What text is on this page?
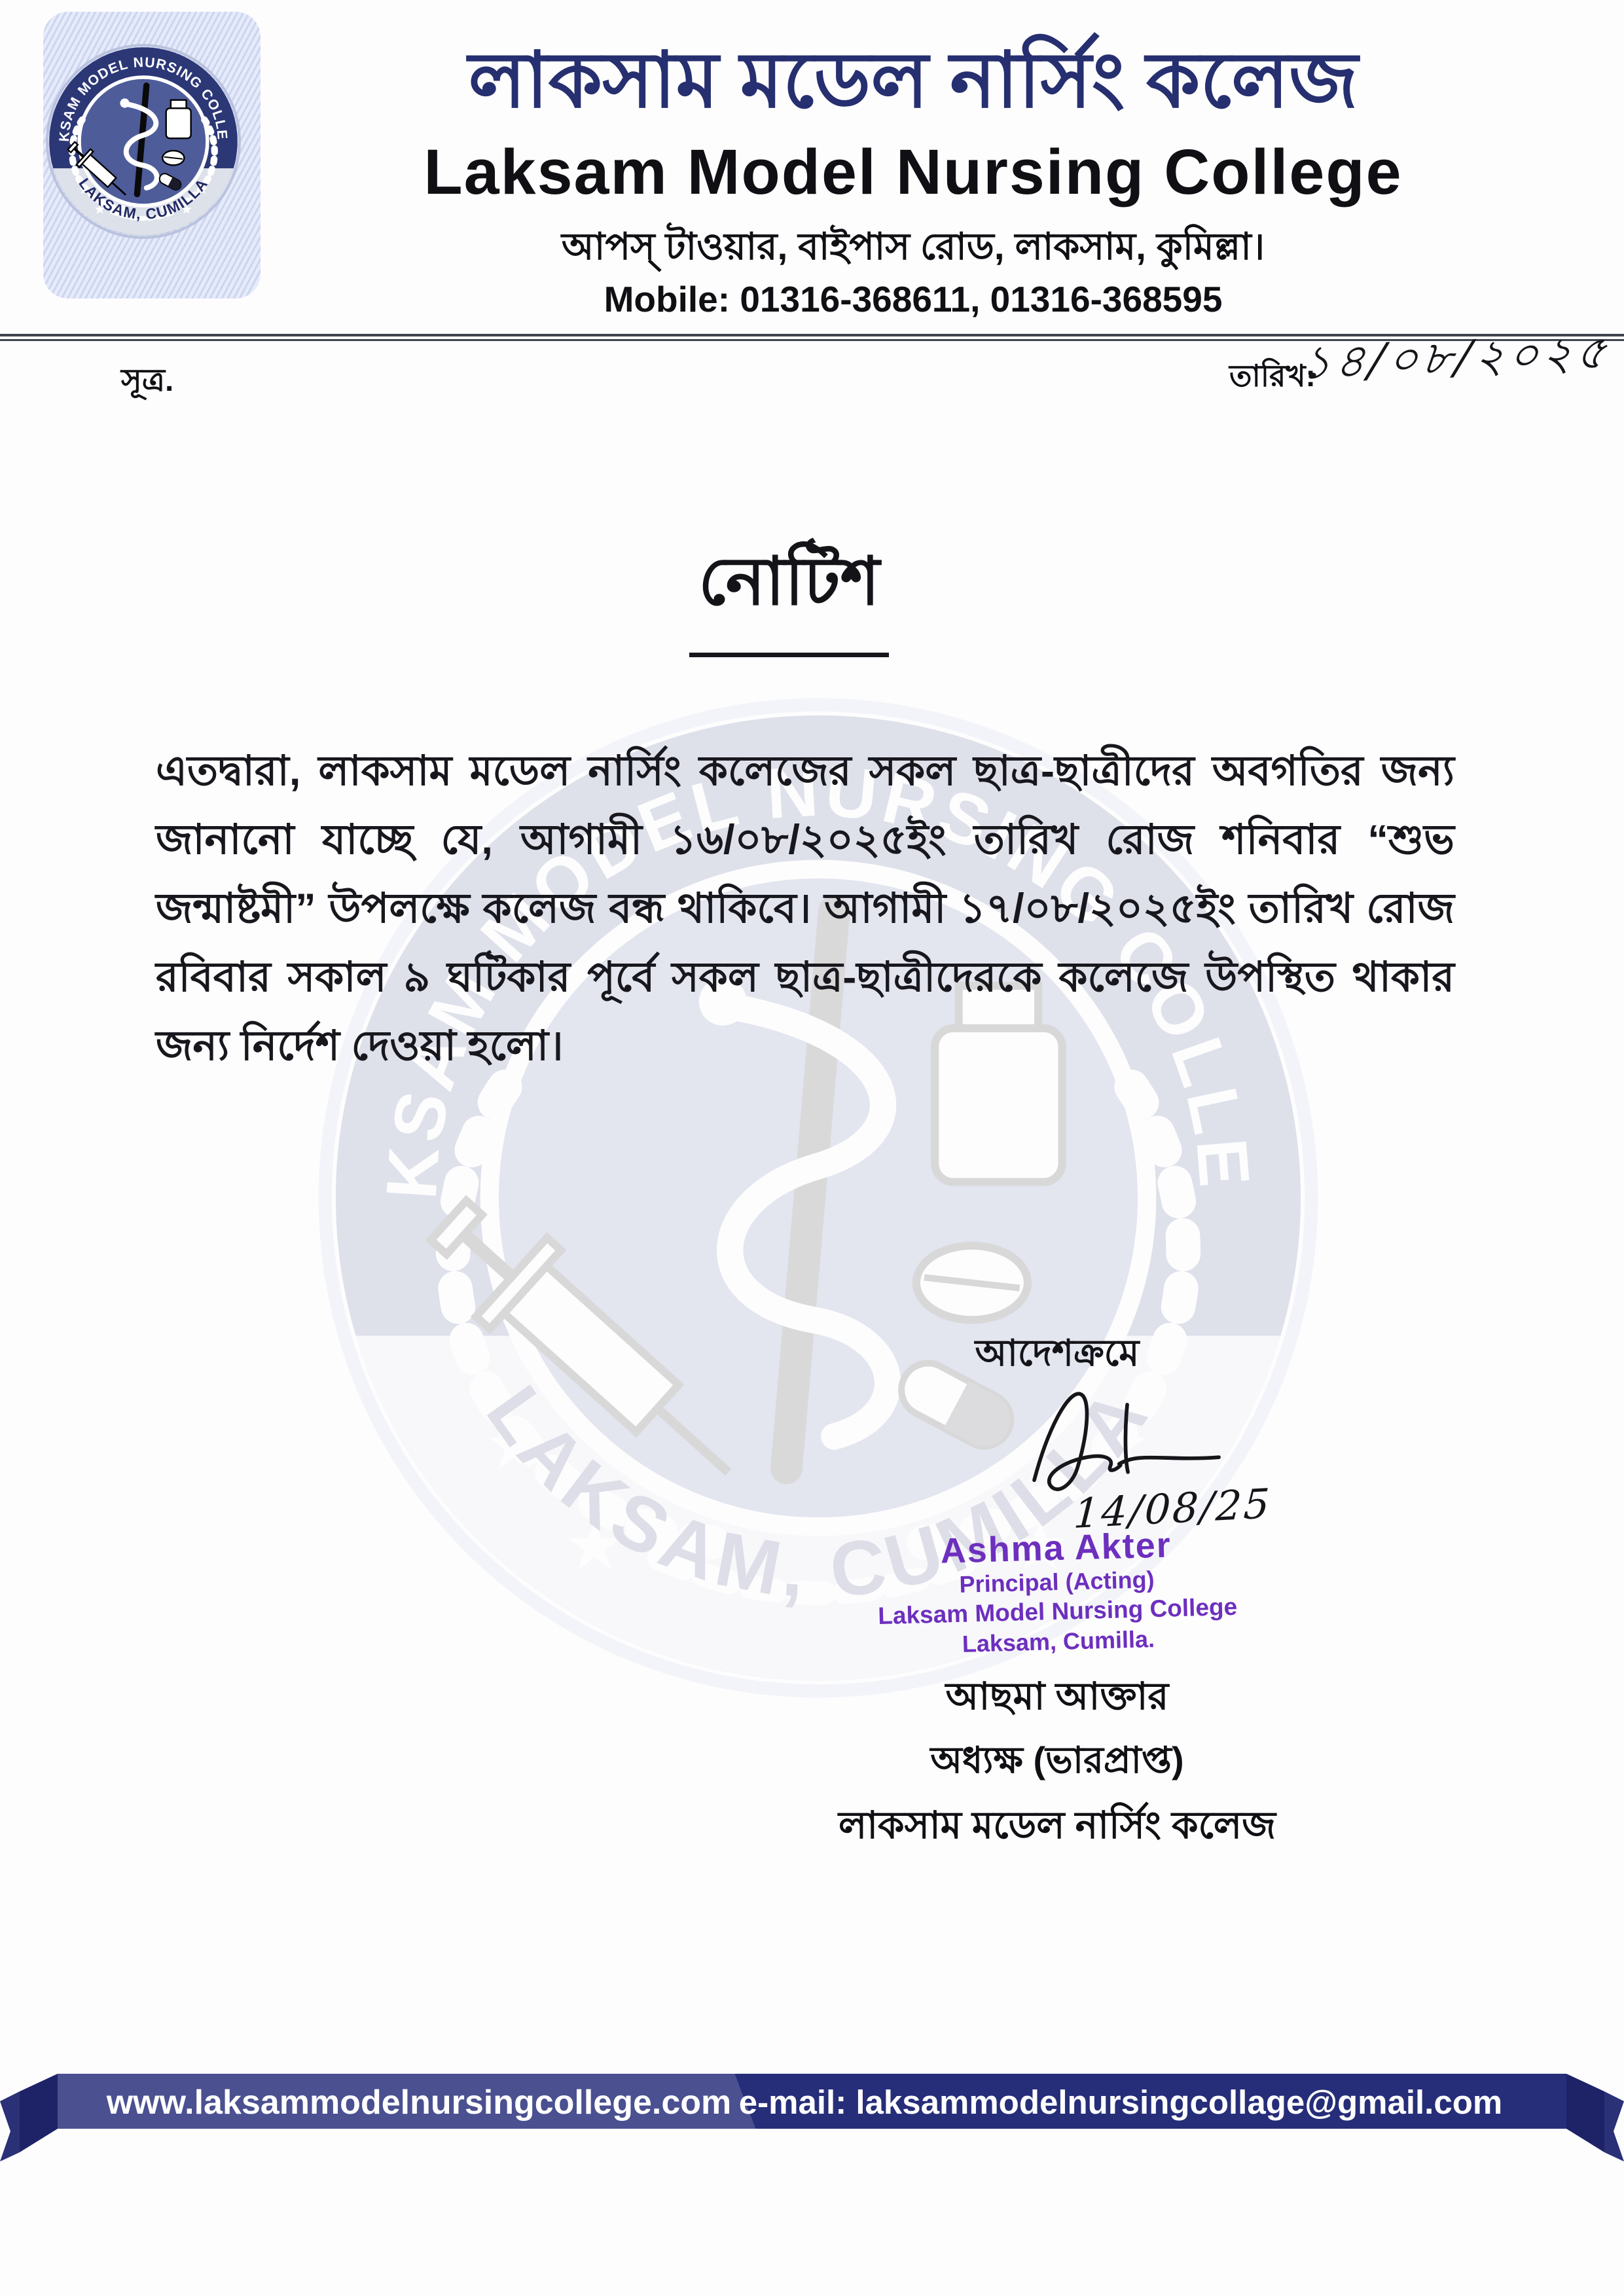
লাকসাম মডেল নার্সিং কলেজ
Laksam Model Nursing College
আপস্ টাওয়ার, বাইপাস রোড, লাকসাম, কুমিল্লা।
Mobile: 01316-368611, 01316-368595
সূত্র.	তারিখ:
১৪/০৮/২০২৫
নোটিশ

এতদ্বারা, লাকসাম মডেল নার্সিং কলেজের সকল ছাত্র-ছাত্রীদের অবগতির জন্য জানানো যাচ্ছে যে, আগামী ১৬/০৮/২০২৫ইং তারিখ রোজ শনিবার “শুভ জন্মাষ্টমী” উপলক্ষে কলেজ বন্ধ থাকিবে। আগামী ১৭/০৮/২০২৫ইং তারিখ রোজ রবিবার সকাল ৯ ঘটিকার পূর্বে সকল ছাত্র-ছাত্রীদেরকে কলেজে উপস্থিত থাকার জন্য নির্দেশ দেওয়া হলো।

আদেশক্রমে
14/08/25
Ashma Akter
Principal (Acting)
Laksam Model Nursing College
Laksam, Cumilla.
আছমা আক্তার
অধ্যক্ষ (ভারপ্রাপ্ত)
লাকসাম মডেল নার্সিং কলেজ
www.laksammodelnursingcollege.com e-mail: laksammodelnursingcollage@gmail.com
